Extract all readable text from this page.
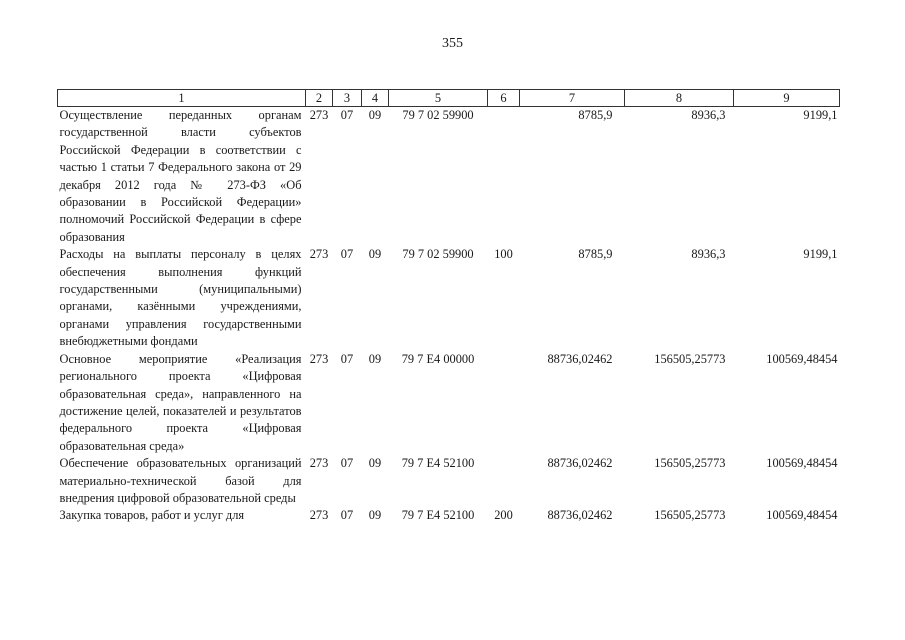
355
1	2	3	4	5	6	7	8	9
Осуществление переданных органам государственной власти субъектов Российской Федерации в соответствии с частью 1 статьи 7 Федерального закона от 29 декабря 2012 года № 273-ФЗ «Об образовании в Российской Федерации» полномочий Российской Федерации в сфере образования	273	07	09	79 7 02 59900		8785,9	8936,3	9199,1
Расходы на выплаты персоналу в целях обеспечения выполнения функций государственными (муниципальными) органами, казёнными учреждениями, органами управления государственными внебюджетными фондами	273	07	09	79 7 02 59900	100	8785,9	8936,3	9199,1
Основное мероприятие «Реализация регионального проекта «Цифровая образовательная среда», направленного на достижение целей, показателей и результатов федерального проекта «Цифровая образовательная среда»	273	07	09	79 7 E4 00000		88736,02462	156505,25773	100569,48454
Обеспечение образовательных организаций материально-технической базой для внедрения цифровой образовательной среды	273	07	09	79 7 E4 52100		88736,02462	156505,25773	100569,48454
Закупка товаров, работ и услуг для	273	07	09	79 7 E4 52100	200	88736,02462	156505,25773	100569,48454
